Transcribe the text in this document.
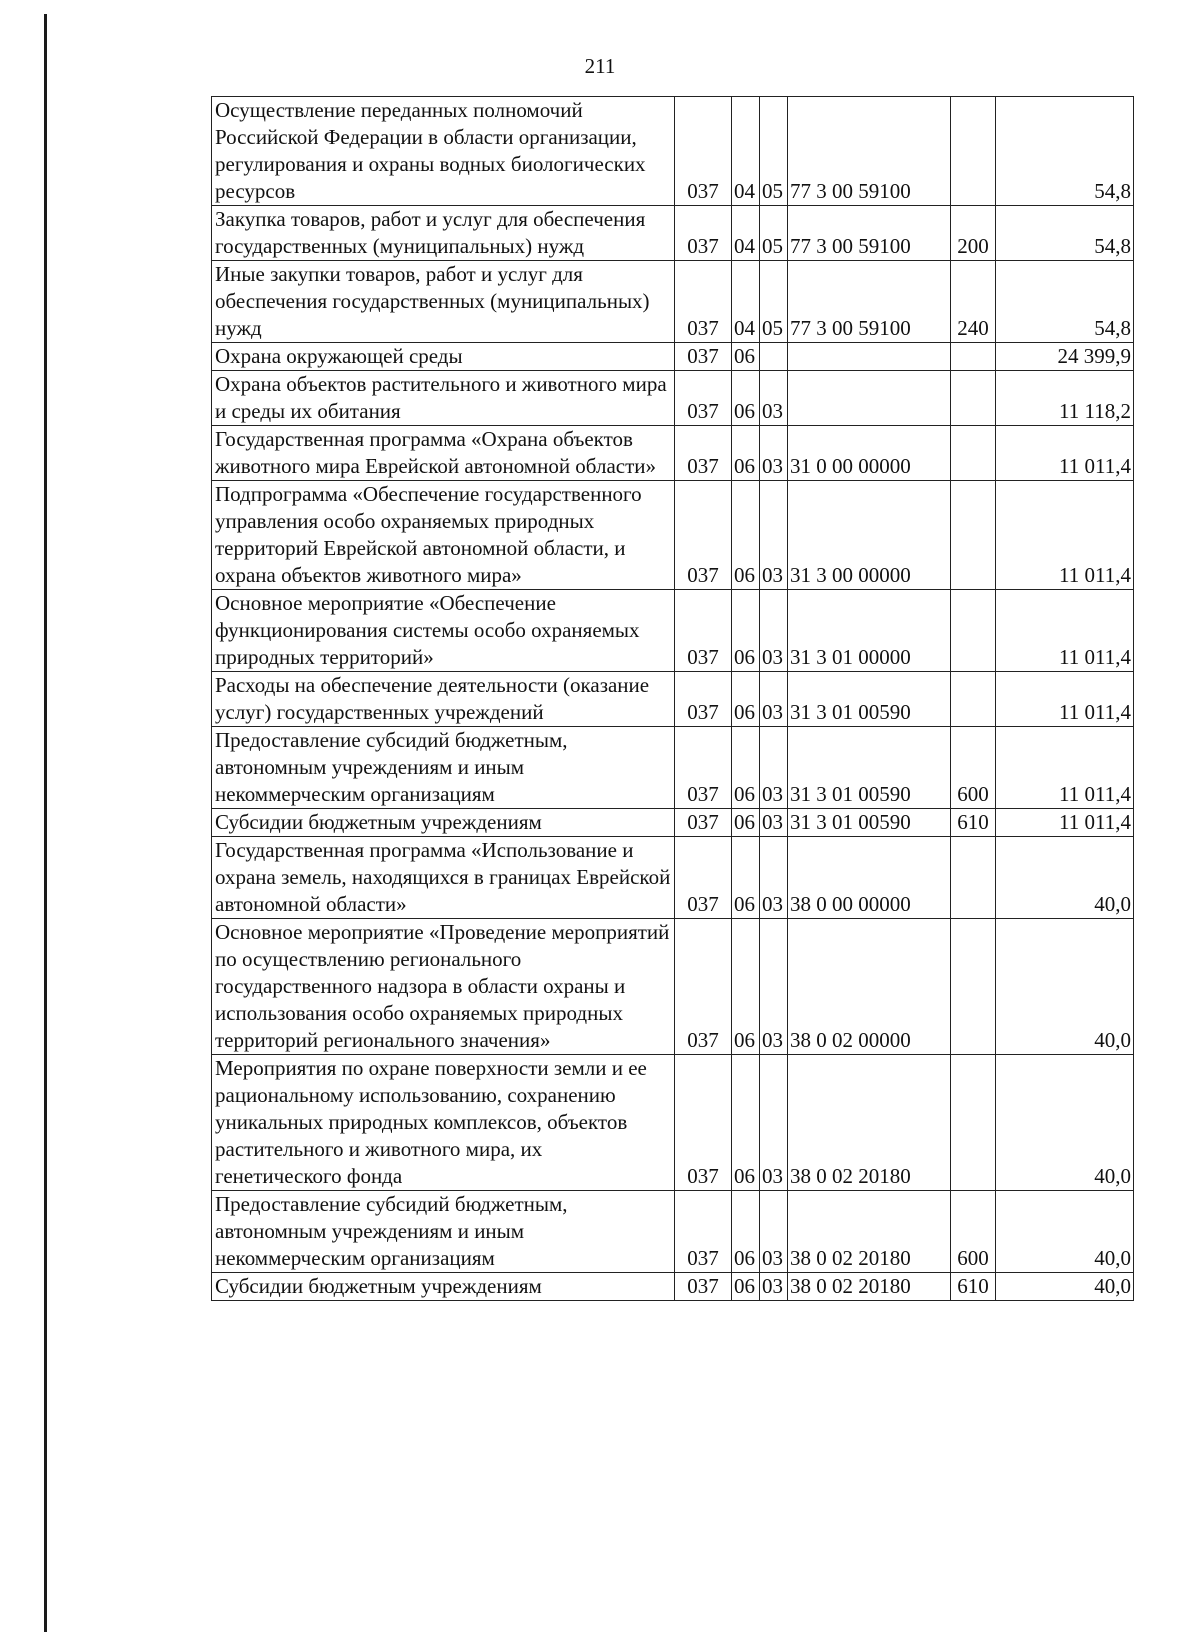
211
Осуществление переданных полномочий Российской Федерации в области организации, регулирования и охраны водных биологических ресурсов	037	04	05	77 3 00 59100		54,8
Закупка товаров, работ и услуг для обеспечения государственных (муниципальных) нужд	037	04	05	77 3 00 59100	200	54,8
Иные закупки товаров, работ и услуг для обеспечения государственных (муниципальных) нужд	037	04	05	77 3 00 59100	240	54,8
Охрана окружающей среды	037	06				24 399,9
Охрана объектов растительного и животного мира и среды их обитания	037	06	03			11 118,2
Государственная программа «Охрана объектов животного мира Еврейской автономной области»	037	06	03	31 0 00 00000		11 011,4
Подпрограмма «Обеспечение государственного управления особо охраняемых природных территорий Еврейской автономной области, и охрана объектов животного мира»	037	06	03	31 3 00 00000		11 011,4
Основное мероприятие «Обеспечение функционирования системы особо охраняемых природных территорий»	037	06	03	31 3 01 00000		11 011,4
Расходы на обеспечение деятельности (оказание услуг) государственных учреждений	037	06	03	31 3 01 00590		11 011,4
Предоставление субсидий бюджетным, автономным учреждениям и иным некоммерческим организациям	037	06	03	31 3 01 00590	600	11 011,4
Субсидии бюджетным учреждениям	037	06	03	31 3 01 00590	610	11 011,4
Государственная программа «Использование и охрана земель, находящихся в границах Еврейской автономной области»	037	06	03	38 0 00 00000		40,0
Основное мероприятие «Проведение мероприятий по осуществлению регионального государственного надзора в области охраны и использования особо охраняемых природных территорий регионального значения»	037	06	03	38 0 02 00000		40,0
Мероприятия по охране поверхности земли и ее рациональному использованию, сохранению уникальных природных комплексов, объектов растительного и животного мира, их генетического фонда	037	06	03	38 0 02 20180		40,0
Предоставление субсидий бюджетным, автономным учреждениям и иным некоммерческим организациям	037	06	03	38 0 02 20180	600	40,0
Субсидии бюджетным учреждениям	037	06	03	38 0 02 20180	610	40,0
